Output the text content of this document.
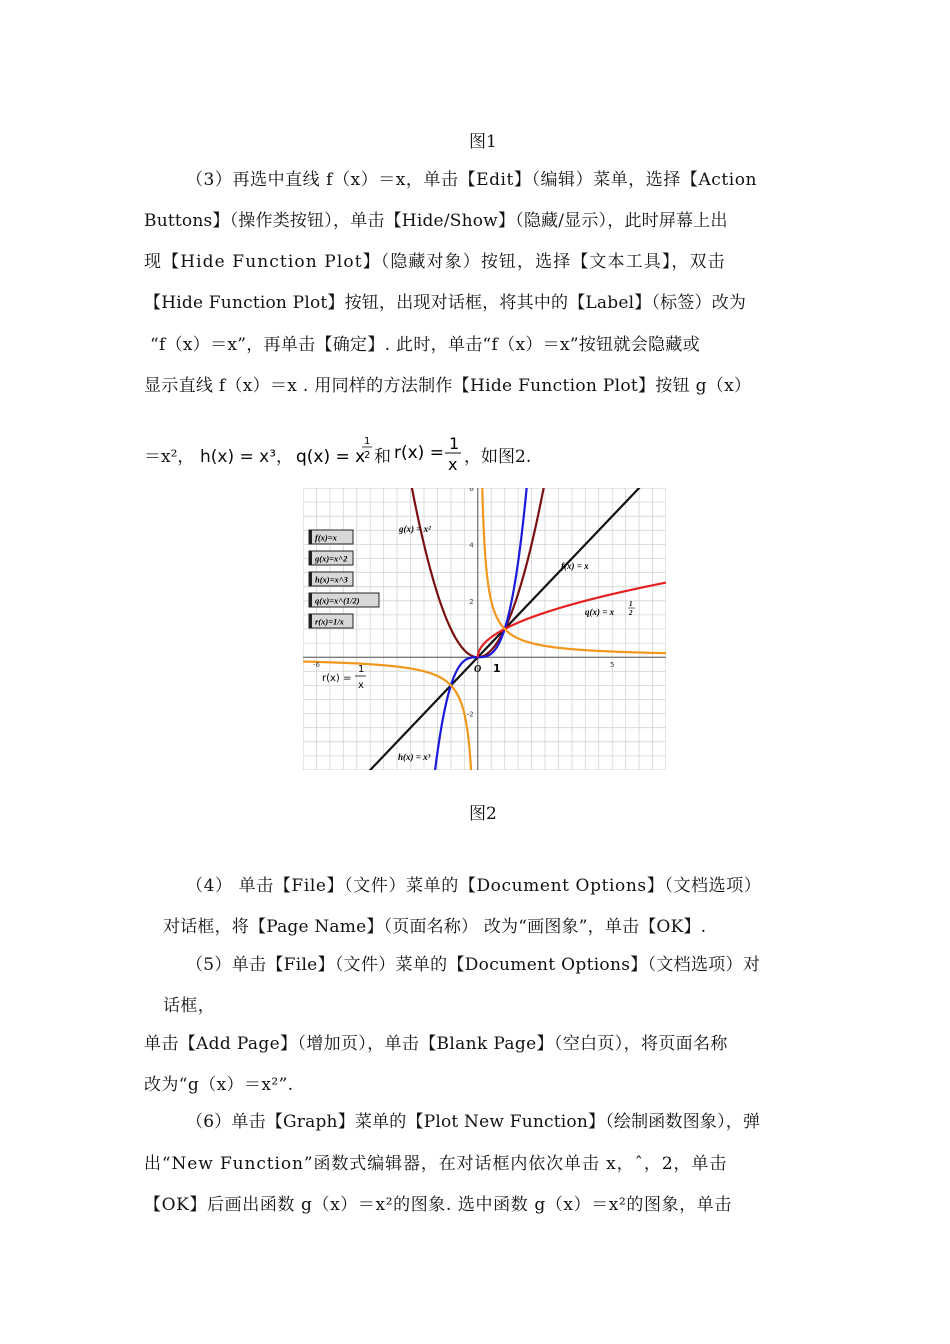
图1
（3）再选中直线 f（x）＝x，单击【Edit】（编辑）菜单，选择【Action
Buttons】（操作类按钮），单击【Hide/Show】（隐藏/显示），此时屏幕上出
现【Hide Function Plot】（隐藏对象）按钮，选择【文本工具】，双击
【Hide Function Plot】按钮，出现对话框，将其中的【Label】（标签）改为
“f（x）＝x”，再单击【确定】. 此时，单击“f（x）＝x”按钮就会隐藏或
显示直线 f（x）＝x . 用同样的方法制作【Hide Function Plot】按钮 g（x）
＝x²， h(x) = x³， q(x) = x
1
2 和 r(x) = 1
x ，如图2.
6
4
2
-2
-6	5
f(x)=x
g(x)=x^2
h(x)=x^3
q(x)=x^(1/2)
r(x)=1/x
g(x) = x²
f(x) = x
q(x) = x
1
2
h(x) = x³
O 1
r(x) =
1
x
图2
（4） 单击【File】（文件）菜单的【Document Options】（文档选项）
对话框，将【Page Name】（页面名称） 改为“画图象”，单击【OK】.
（5）单击【File】（文件）菜单的【Document Options】（文档选项）对
话框，
单击【Add Page】（增加页），单击【Blank Page】（空白页），将页面名称
改为“g（x）＝x²”.
（6）单击【Graph】菜单的【Plot New Function】（绘制函数图象），弹
出“New Function”函数式编辑器，在对话框内依次单击 x，ˆ，2，单击
【OK】后画出函数 g（x）＝x²的图象. 选中函数 g（x）＝x²的图象，单击
